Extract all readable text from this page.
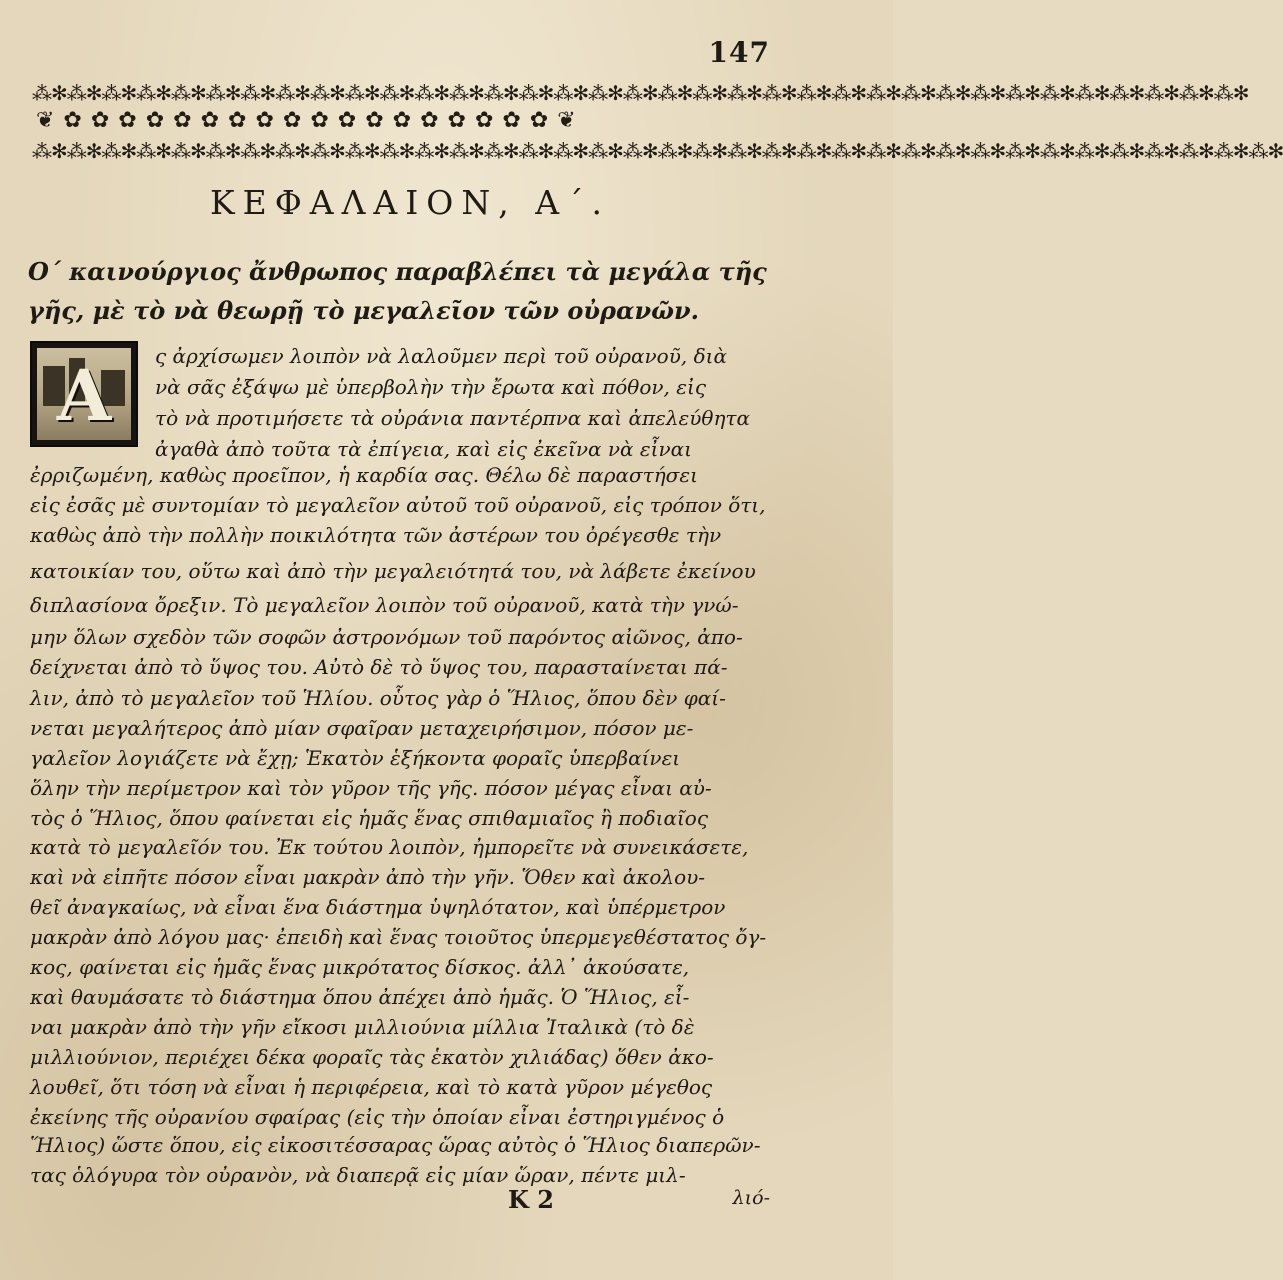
147
⁂✻⁂✻⁂✻⁂✻⁂✻⁂✻⁂✻⁂✻⁂✻⁂✻⁂✻⁂✻⁂✻⁂✻⁂✻⁂✻⁂✻⁂✻⁂✻⁂✻⁂✻⁂✻⁂✻⁂✻⁂✻⁂✻⁂✻⁂✻⁂✻⁂✻⁂✻⁂✻⁂✻⁂✻⁂✻
❦✿✿✿✿✿✿✿✿✿✿✿✿✿✿✿✿✿✿❦
⁂✻⁂✻⁂✻⁂✻⁂✻⁂✻⁂✻⁂✻⁂✻⁂✻⁂✻⁂✻⁂✻⁂✻⁂✻⁂✻⁂✻⁂✻⁂✻⁂✻⁂✻⁂✻⁂✻⁂✻⁂✻⁂✻⁂✻⁂✻⁂✻⁂✻⁂✻⁂✻⁂✻⁂✻⁂✻⁂✻
ΚΕΦΑΛΑΙΟΝ, Α΄.
Ο΄ καινούργιος ἄνθρωπος παραβλέπει τὰ μεγάλα τῆς
γῆς, μὲ τὸ νὰ θεωρῇ τὸ μεγαλεῖον τῶν οὐρανῶν.
Α	ς ἀρχίσωμεν λοιπὸν νὰ λαλοῦμεν περὶ τοῦ οὐρανοῦ, διὰ
νὰ σᾶς ἐξάψω μὲ ὑπερβολὴν τὴν ἔρωτα καὶ πόθον, εἰς
τὸ νὰ προτιμήσετε τὰ οὐράνια παντέρπνα καὶ ἀπελεύθητα
ἀγαθὰ ἀπὸ τοῦτα τὰ ἐπίγεια, καὶ εἰς ἐκεῖνα νὰ εἶναι
ἐρριζωμένη, καθὼς προεῖπον, ἡ καρδία σας. Θέλω δὲ παραστήσει
εἰς ἐσᾶς μὲ συντομίαν τὸ μεγαλεῖον αὐτοῦ τοῦ οὐρανοῦ, εἰς τρόπον ὅτι,
καθὼς ἀπὸ τὴν πολλὴν ποικιλότητα τῶν ἀστέρων του ὀρέγεσθε τὴν
κατοικίαν του, οὕτω καὶ ἀπὸ τὴν μεγαλειότητά του, νὰ λάβετε ἐκείνου
διπλασίονα ὄρεξιν. Τὸ μεγαλεῖον λοιπὸν τοῦ οὐρανοῦ, κατὰ τὴν γνώ-
μην ὅλων σχεδὸν τῶν σοφῶν ἀστρονόμων τοῦ παρόντος αἰῶνος, ἀπο-
δείχνεται ἀπὸ τὸ ὕψος του. Αὐτὸ δὲ τὸ ὕψος του, παρασταίνεται πά-
λιν, ἀπὸ τὸ μεγαλεῖον τοῦ Ἡλίου. οὗτος γὰρ ὁ Ἥλιος, ὅπου δὲν φαί-
νεται μεγαλήτερος ἀπὸ μίαν σφαῖραν μεταχειρήσιμον, πόσον με-
γαλεῖον λογιάζετε νὰ ἔχῃ; Ἑκατὸν ἑξήκοντα φοραῖς ὑπερβαίνει
ὅλην τὴν περίμετρον καὶ τὸν γῦρον τῆς γῆς. πόσον μέγας εἶναι αὐ-
τὸς ὁ Ἥλιος, ὅπου φαίνεται εἰς ἡμᾶς ἕνας σπιθαμιαῖος ἢ ποδιαῖος
κατὰ τὸ μεγαλεῖόν του. Ἐκ τούτου λοιπὸν, ἠμπορεῖτε νὰ συνεικάσετε,
καὶ νὰ εἰπῆτε πόσον εἶναι μακρὰν ἀπὸ τὴν γῆν. Ὅθεν καὶ ἀκολου-
θεῖ ἀναγκαίως, νὰ εἶναι ἕνα διάστημα ὑψηλότατον, καὶ ὑπέρμετρον
μακρὰν ἀπὸ λόγου μας· ἐπειδὴ καὶ ἕνας τοιοῦτος ὑπερμεγεθέστατος ὄγ-
κος, φαίνεται εἰς ἡμᾶς ἕνας μικρότατος δίσκος. ἀλλ᾽ ἀκούσατε,
καὶ θαυμάσατε τὸ διάστημα ὅπου ἀπέχει ἀπὸ ἡμᾶς. Ὁ Ἥλιος, εἶ-
ναι μακρὰν ἀπὸ τὴν γῆν εἴκοσι μιλλιούνια μίλλια Ἰταλικὰ (τὸ δὲ
μιλλιούνιον, περιέχει δέκα φοραῖς τὰς ἑκατὸν χιλιάδας) ὅθεν ἀκο-
λουθεῖ, ὅτι τόση νὰ εἶναι ἡ περιφέρεια, καὶ τὸ κατὰ γῦρον μέγεθος
ἐκείνης τῆς οὐρανίου σφαίρας (εἰς τὴν ὁποίαν εἶναι ἐστηριγμένος ὁ
Ἥλιος) ὥστε ὅπου, εἰς εἰκοσιτέσσαρας ὥρας αὐτὸς ὁ Ἥλιος διαπερῶν-
τας ὁλόγυρα τὸν οὐρανὸν, νὰ διαπερᾷ εἰς μίαν ὥραν, πέντε μιλ-
K 2	λιό-
